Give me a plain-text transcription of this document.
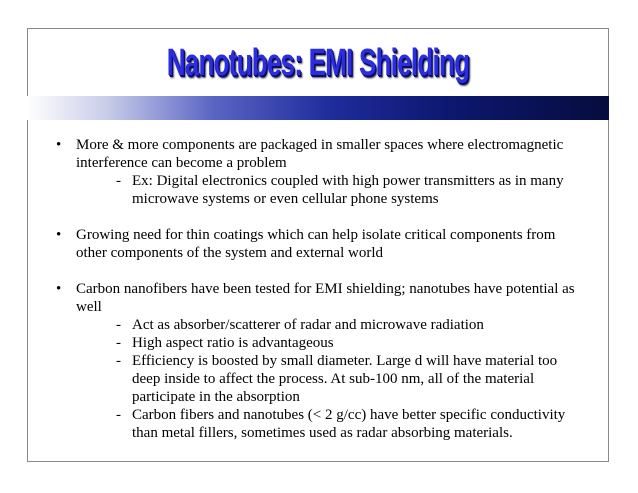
Nanotubes: EMI Shielding
• More & more components are packaged in smaller spaces where electromagnetic interference can become a problem
- Ex: Digital electronics coupled with high power transmitters as in many microwave systems or even cellular phone systems
• Growing need for thin coatings which can help isolate critical components from other components of the system and external world
• Carbon nanofibers have been tested for EMI shielding; nanotubes have potential as well
- Act as absorber/scatterer of radar and microwave radiation
- High aspect ratio is advantageous
- Efficiency is boosted by small diameter. Large d will have material too deep inside to affect the process. At sub-100 nm, all of the material participate in the absorption
- Carbon fibers and nanotubes (< 2 g/cc) have better specific conductivity than metal fillers, sometimes used as radar absorbing materials.
